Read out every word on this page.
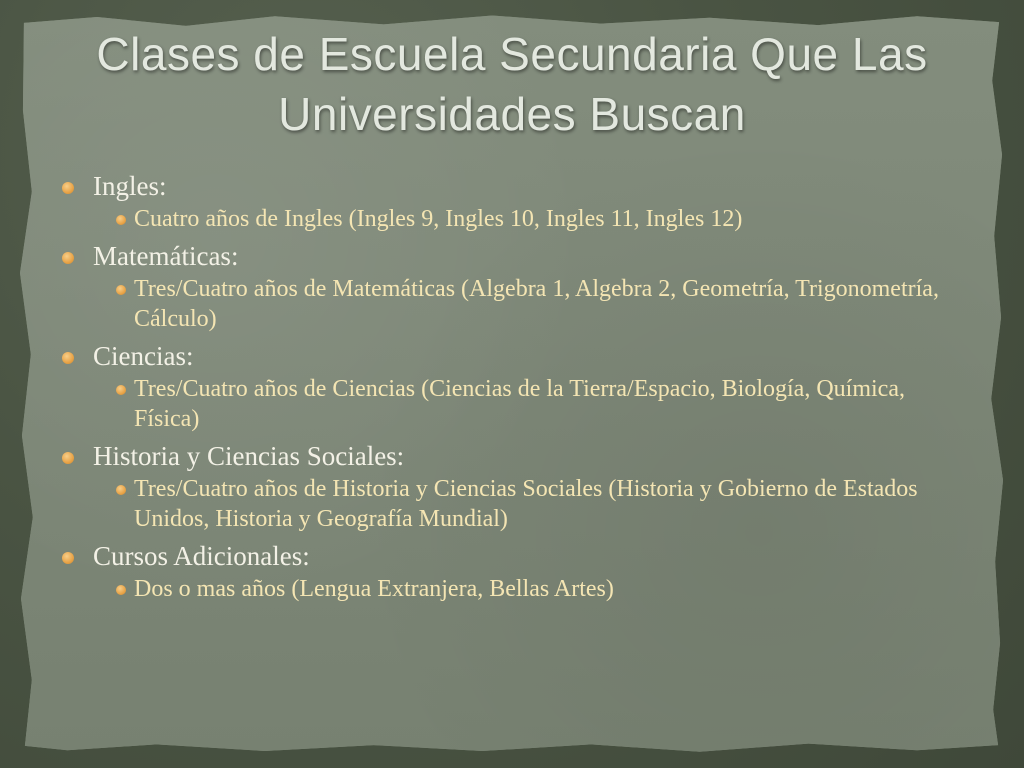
Clases de Escuela Secundaria Que Las
Universidades Buscan
Ingles:
Cuatro años de Ingles (Ingles 9, Ingles 10, Ingles 11, Ingles 12)
Matemáticas:
Tres/Cuatro años de Matemáticas (Algebra 1, Algebra 2, Geometría, Trigonometría, Cálculo)
Ciencias:
Tres/Cuatro años de Ciencias (Ciencias de la Tierra/Espacio, Biología, Química, Física)
Historia y Ciencias Sociales:
Tres/Cuatro años de Historia y Ciencias Sociales (Historia y Gobierno de Estados Unidos, Historia y Geografía Mundial)
Cursos Adicionales:
Dos o mas años (Lengua Extranjera, Bellas Artes)
